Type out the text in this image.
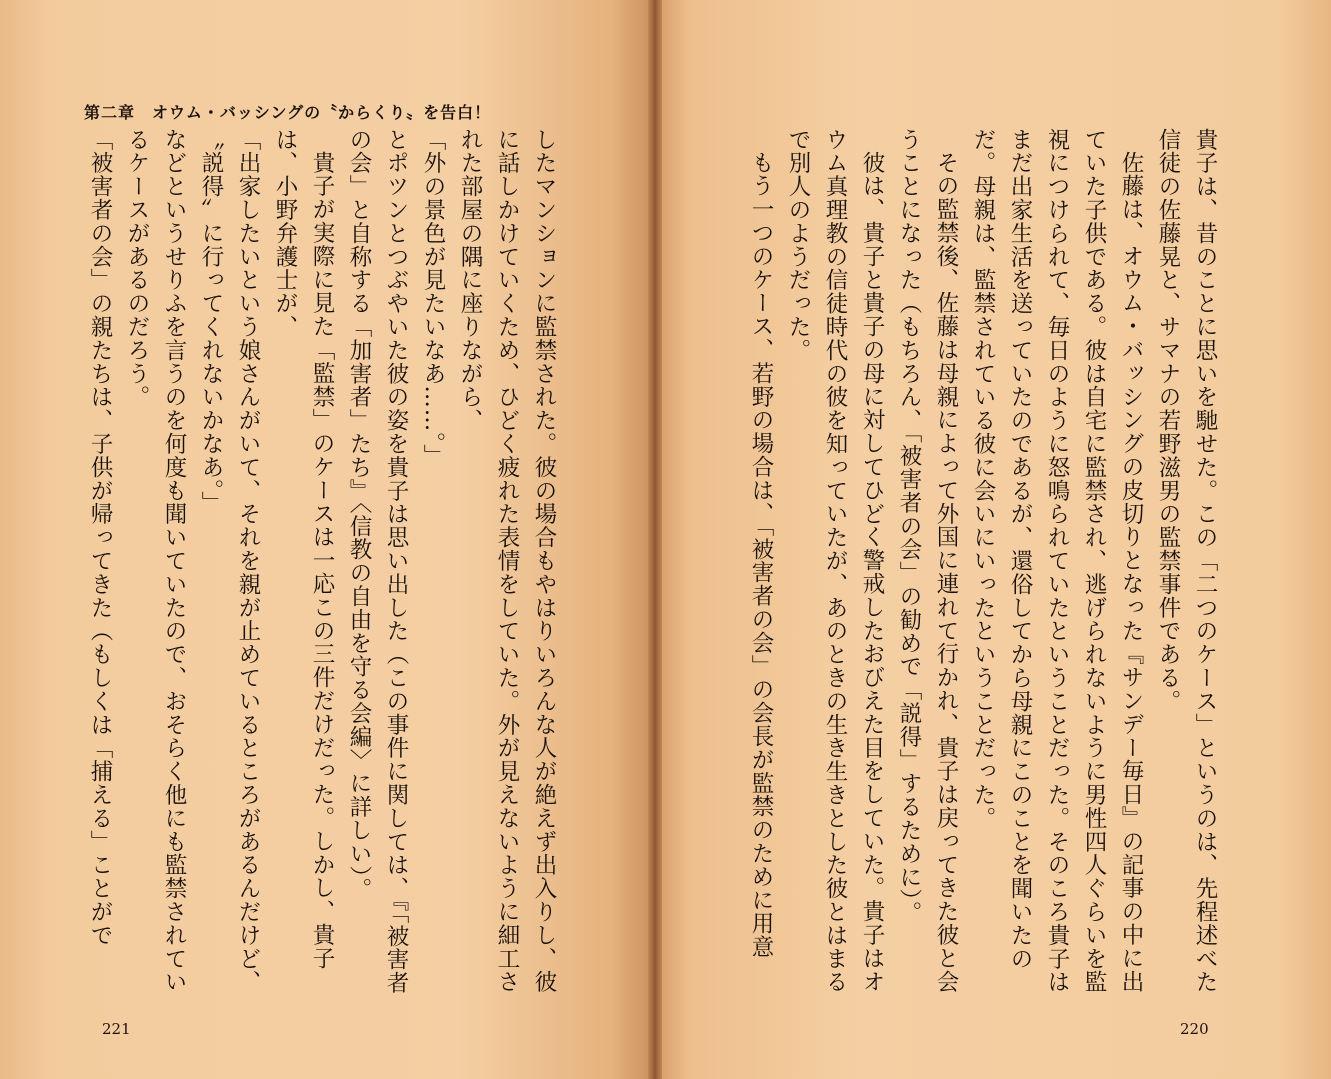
第二章　オウム・バッシングの〝からくり〟を告白！

したマンションに監禁された。彼の場合もやはりいろんな人が絶えず出入りし、彼に話しかけていくため、ひどく疲れた表情をしていた。外が見えないように細工された部屋の隅に座りながら、

「外の景色が見たいなあ……。」

とポツンとつぶやいた彼の姿を貴子は思い出した（この事件に関しては、『「被害者の会」と自称する「加害者」たち』〈信教の自由を守る会編〉に詳しい）。

貴子が実際に見た「監禁」のケースは一応この三件だけだった。しかし、貴子は、小野弁護士が、

「出家したいという娘さんがいて、それを親が止めているところがあるんだけど、〝説得〟に行ってくれないかなあ。」

などというせりふを言うのを何度も聞いていたので、おそらく他にも監禁されているケースがあるのだろう。

「被害者の会」の親たちは、子供が帰ってきた（もしくは「捕える」ことがで

221

貴子は、昔のことに思いを馳せた。この「二つのケース」というのは、先程述べた信徒の佐藤晃と、サマナの若野滋男の監禁事件である。

佐藤は、オウム・バッシングの皮切りとなった『サンデー毎日』の記事の中に出ていた子供である。彼は自宅に監禁され、逃げられないように男性四人ぐらいを監視につけられて、毎日のように怒鳴られていたということだった。そのころ貴子はまだ出家生活を送っていたのであるが、還俗してから母親にこのことを聞いたのだ。母親は、監禁されている彼に会いにいったということだった。

その監禁後、佐藤は母親によって外国に連れて行かれ、貴子は戻ってきた彼と会うことになった（もちろん、「被害者の会」の勧めで「説得」するために）。

彼は、貴子と貴子の母に対してひどく警戒したおびえた目をしていた。貴子はオウム真理教の信徒時代の彼を知っていたが、あのときの生き生きとした彼とはまるで別人のようだった。

もう一つのケース、若野の場合は、「被害者の会」の会長が監禁のために用意

220
